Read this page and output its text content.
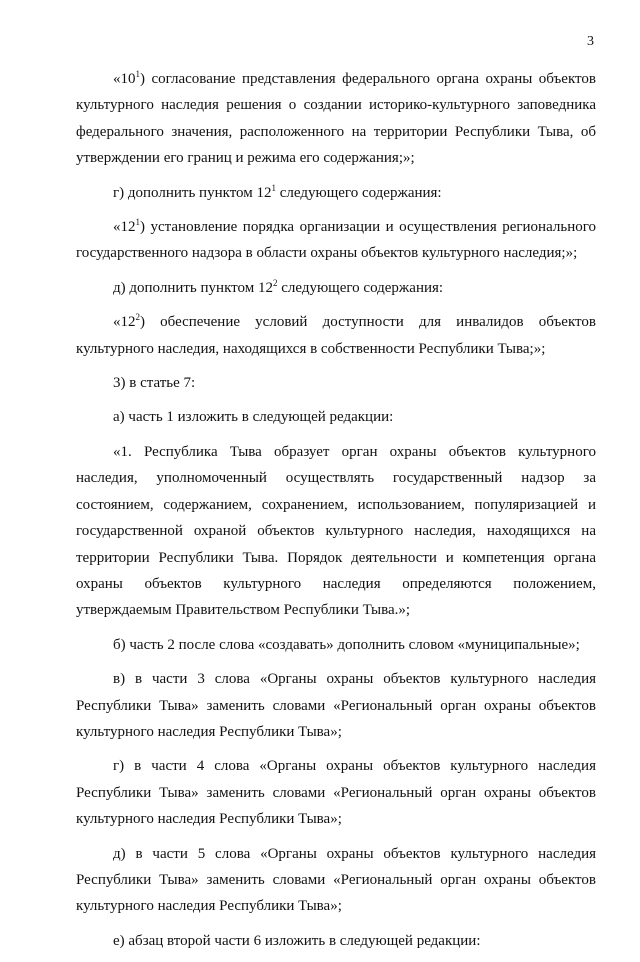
3

«$10^1$) согласование представления федерального органа охраны объектов культурного наследия решения о создании историко-культурного заповедника федерального значения, расположенного на территории Республики Тыва, об утверждении его границ и режима его содержания;»;

г) дополнить пунктом $12^1$ следующего содержания:

«$12^1$) установление порядка организации и осуществления регионального государственного надзора в области охраны объектов культурного наследия;»;

д) дополнить пунктом $12^2$ следующего содержания:

«$12^2$) обеспечение условий доступности для инвалидов объектов культурного наследия, находящихся в собственности Республики Тыва;»;

3) в статье 7:

а) часть 1 изложить в следующей редакции:

«1. Республика Тыва образует орган охраны объектов культурного наследия, уполномоченный осуществлять государственный надзор за состоянием, содержанием, сохранением, использованием, популяризацией и государственной охраной объектов культурного наследия, находящихся на территории Республики Тыва. Порядок деятельности и компетенция органа охраны объектов культурного наследия определяются положением, утверждаемым Правительством Республики Тыва.»;

б) часть 2 после слова «создавать» дополнить словом «муниципальные»;

в) в части 3 слова «Органы охраны объектов культурного наследия Республики Тыва» заменить словами «Региональный орган охраны объектов культурного наследия Республики Тыва»;

г) в части 4 слова «Органы охраны объектов культурного наследия Республики Тыва» заменить словами «Региональный орган охраны объектов культурного наследия Республики Тыва»;

д) в части 5 слова «Органы охраны объектов культурного наследия Республики Тыва» заменить словами «Региональный орган охраны объектов культурного наследия Республики Тыва»;

е) абзац второй части 6 изложить в следующей редакции:
